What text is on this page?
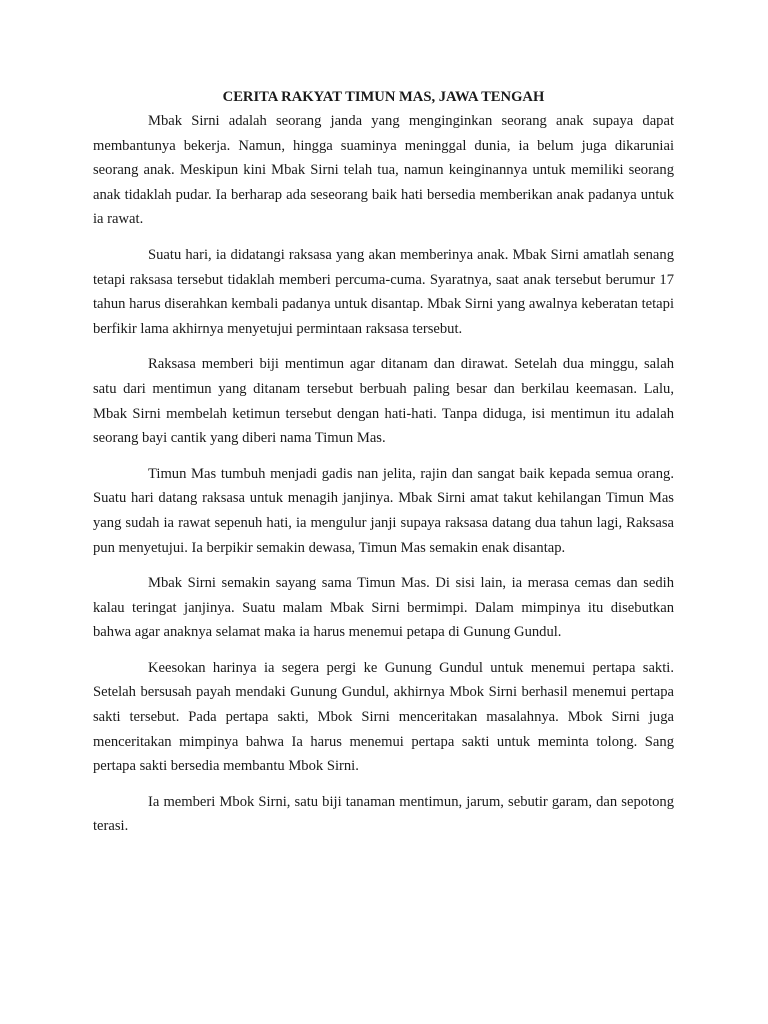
CERITA RAKYAT TIMUN MAS, JAWA TENGAH

Mbak Sirni adalah seorang janda yang menginginkan seorang anak supaya dapat membantunya bekerja. Namun, hingga suaminya meninggal dunia, ia belum juga dikaruniai seorang anak. Meskipun kini Mbak Sirni telah tua, namun keinginannya untuk memiliki seorang anak tidaklah pudar. Ia berharap ada seseorang baik hati bersedia memberikan anak padanya untuk ia rawat.

Suatu hari, ia didatangi raksasa yang akan memberinya anak. Mbak Sirni amatlah senang tetapi raksasa tersebut tidaklah memberi percuma-cuma. Syaratnya, saat anak tersebut berumur 17 tahun harus diserahkan kembali padanya untuk disantap. Mbak Sirni yang awalnya keberatan tetapi berfikir lama akhirnya menyetujui permintaan raksasa tersebut.

Raksasa memberi biji mentimun agar ditanam dan dirawat. Setelah dua minggu, salah satu dari mentimun yang ditanam tersebut berbuah paling besar dan berkilau keemasan. Lalu, Mbak Sirni membelah ketimun tersebut dengan hati-hati. Tanpa diduga, isi mentimun itu adalah seorang bayi cantik yang diberi nama Timun Mas.

Timun Mas tumbuh menjadi gadis nan jelita, rajin dan sangat baik kepada semua orang. Suatu hari datang raksasa untuk menagih janjinya. Mbak Sirni amat takut kehilangan Timun Mas yang sudah ia rawat sepenuh hati, ia mengulur janji supaya raksasa datang dua tahun lagi, Raksasa pun menyetujui. Ia berpikir semakin dewasa, Timun Mas semakin enak disantap.

Mbak Sirni semakin sayang sama Timun Mas. Di sisi lain, ia merasa cemas dan sedih kalau teringat janjinya. Suatu malam Mbak Sirni bermimpi. Dalam mimpinya itu disebutkan bahwa agar anaknya selamat maka ia harus menemui petapa di Gunung Gundul.

Keesokan harinya ia segera pergi ke Gunung Gundul untuk menemui pertapa sakti. Setelah bersusah payah mendaki Gunung Gundul, akhirnya Mbok Sirni berhasil menemui pertapa sakti tersebut. Pada pertapa sakti, Mbok Sirni menceritakan masalahnya. Mbok Sirni juga menceritakan mimpinya bahwa Ia harus menemui pertapa sakti untuk meminta tolong. Sang pertapa sakti bersedia membantu Mbok Sirni.

Ia memberi Mbok Sirni, satu biji tanaman mentimun, jarum, sebutir garam, dan sepotong terasi.
